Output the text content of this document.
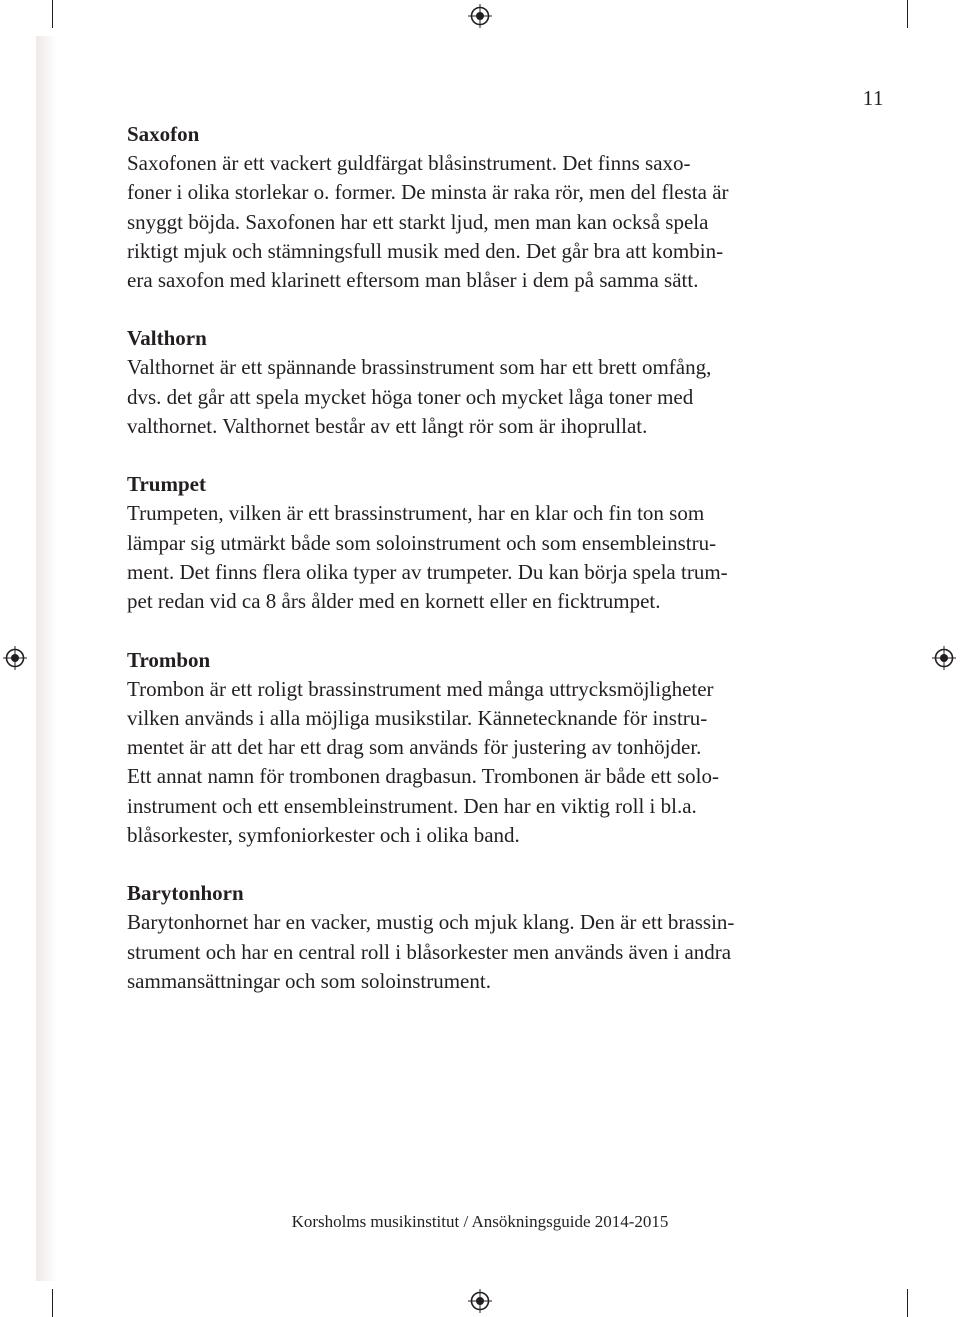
11
Saxofon

Saxofonen är ett vackert guldfärgat blåsinstrument. Det finns saxo-
foner i olika storlekar o. former. De minsta är raka rör, men del flesta är
snyggt böjda. Saxofonen har ett starkt ljud, men man kan också spela
riktigt mjuk och stämningsfull musik med den. Det går bra att kombin-
era saxofon med klarinett eftersom man blåser i dem på samma sätt.

Valthorn

Valthornet är ett spännande brassinstrument som har ett brett omfång,
dvs. det går att spela mycket höga toner och mycket låga toner med
valthornet. Valthornet består av ett långt rör som är ihoprullat.

Trumpet

Trumpeten, vilken är ett brassinstrument, har en klar och fin ton som
lämpar sig utmärkt både som soloinstrument och som ensembleinstru-
ment. Det finns flera olika typer av trumpeter. Du kan börja spela trum-
pet redan vid ca 8 års ålder med en kornett eller en ficktrumpet.

Trombon

Trombon är ett roligt brassinstrument med många uttrycksmöjligheter
vilken används i alla möjliga musikstilar. Kännetecknande för instru-
mentet är att det har ett drag som används för justering av tonhöjder.
Ett annat namn för trombonen dragbasun. Trombonen är både ett solo-
instrument och ett ensembleinstrument. Den har en viktig roll i bl.a.
blåsorkester, symfoniorkester och i olika band.

Barytonhorn

Barytonhornet har en vacker, mustig och mjuk klang. Den är ett brassin-
strument och har en central roll i blåsorkester men används även i andra
sammansättningar och som soloinstrument.

Korsholms musikinstitut / Ansökningsguide 2014-2015
